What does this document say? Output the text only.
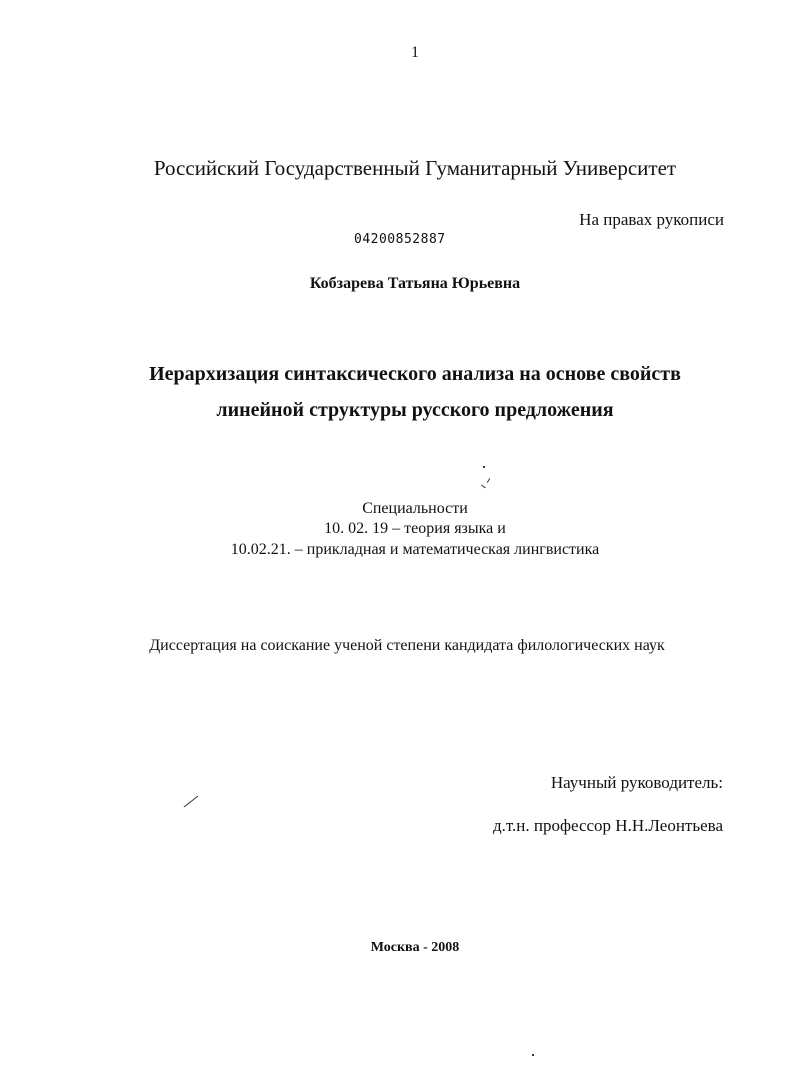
1
Российский Государственный Гуманитарный Университет
На правах рукописи
04200852887
Кобзарева Татьяна Юрьевна
Иерархизация синтаксического анализа на основе свойств
линейной структуры русского предложения
Специальности
10. 02. 19 – теория языка и
10.02.21. – прикладная и математическая лингвистика
Диссертация на соискание ученой степени кандидата филологических наук
Научный руководитель:
д.т.н. профессор Н.Н.Леонтьева
Москва - 2008
